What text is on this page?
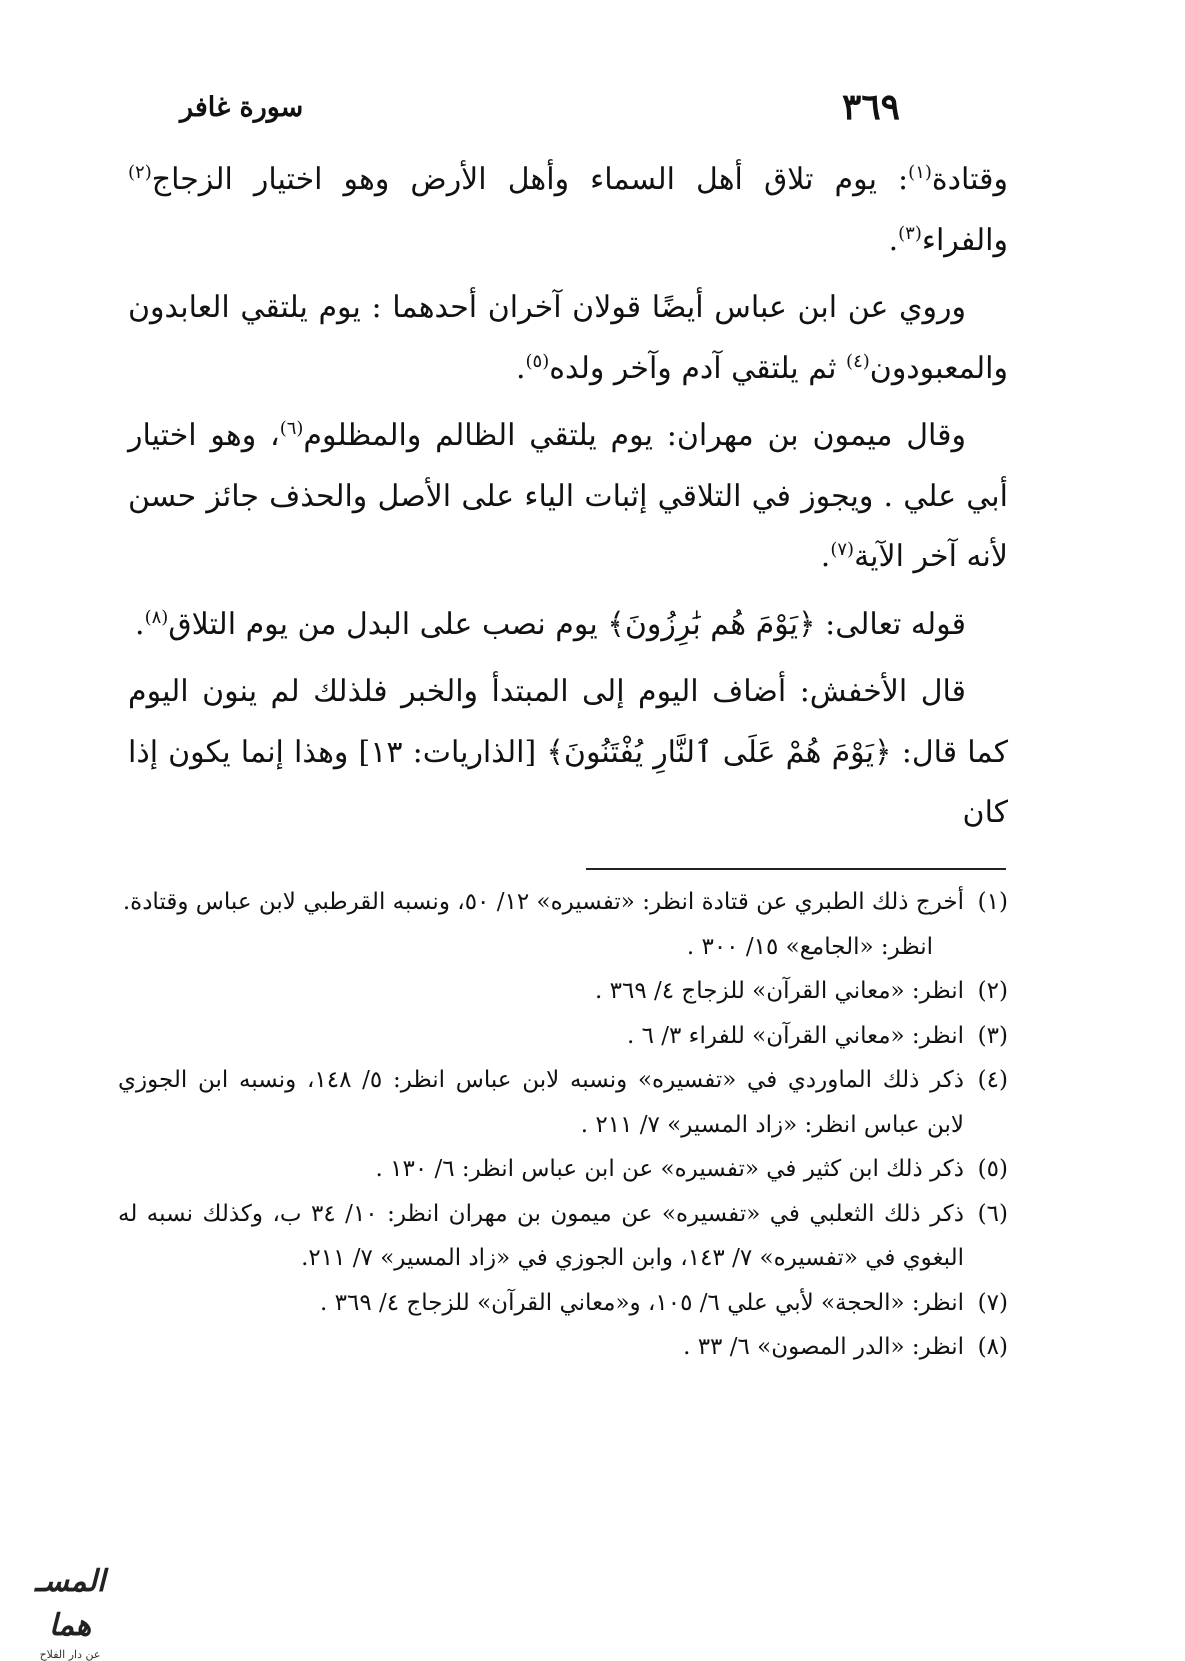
سورة غافر	٣٦٩

وقتادة$^{(١)}$: يوم تلاق أهل السماء وأهل الأرض وهو اختيار الزجاج$^{(٢)}$ والفراء$^{(٣)}$.

وروي عن ابن عباس أيضًا قولان آخران أحدهما : يوم يلتقي العابدون والمعبودون$^{(٤)}$ ثم يلتقي آدم وآخر ولده$^{(٥)}$.

وقال ميمون بن مهران: يوم يلتقي الظالم والمظلوم$^{(٦)}$، وهو اختيار أبي علي . ويجوز في التلاقي إثبات الياء على الأصل والحذف جائز حسن لأنه آخر الآية$^{(٧)}$.

قوله تعالى: ﴿يَوْمَ هُم بَٰرِزُونَ﴾ يوم نصب على البدل من يوم التلاق$^{(٨)}$.

قال الأخفش: أضاف اليوم إلى المبتدأ والخبر فلذلك لم ينون اليوم كما قال: ﴿يَوْمَ هُمْ عَلَى ٱلنَّارِ يُفْتَنُونَ﴾ [الذاريات: ١٣] وهذا إنما يكون إذا كان

(١)
أخرج ذلك الطبري عن قتادة انظر: «تفسيره» ١٢/ ٥٠، ونسبه القرطبي لابن عباس وقتادة.

انظر: «الجامع» ١٥/ ٣٠٠ .

(٢)
انظر: «معاني القرآن» للزجاج ٤/ ٣٦٩ .

(٣)
انظر: «معاني القرآن» للفراء ٣/ ٦ .

(٤)
ذكر ذلك الماوردي في «تفسيره» ونسبه لابن عباس انظر: ٥/ ١٤٨، ونسبه ابن الجوزي لابن عباس انظر: «زاد المسير» ٧/ ٢١١ .

(٥)
ذكر ذلك ابن كثير في «تفسيره» عن ابن عباس انظر: ٦/ ١٣٠ .

(٦)
ذكر ذلك الثعلبي في «تفسيره» عن ميمون بن مهران انظر: ١٠/ ٣٤ ب، وكذلك نسبه له البغوي في «تفسيره» ٧/ ١٤٣، وابن الجوزي في «زاد المسير» ٧/ ٢١١.

(٧)
انظر: «الحجة» لأبي علي ٦/ ١٠٥، و«معاني القرآن» للزجاج ٤/ ٣٦٩ .

(٨)
انظر: «الدر المصون» ٦/ ٣٣ .

المسـ هما
عن دار الفلاح
